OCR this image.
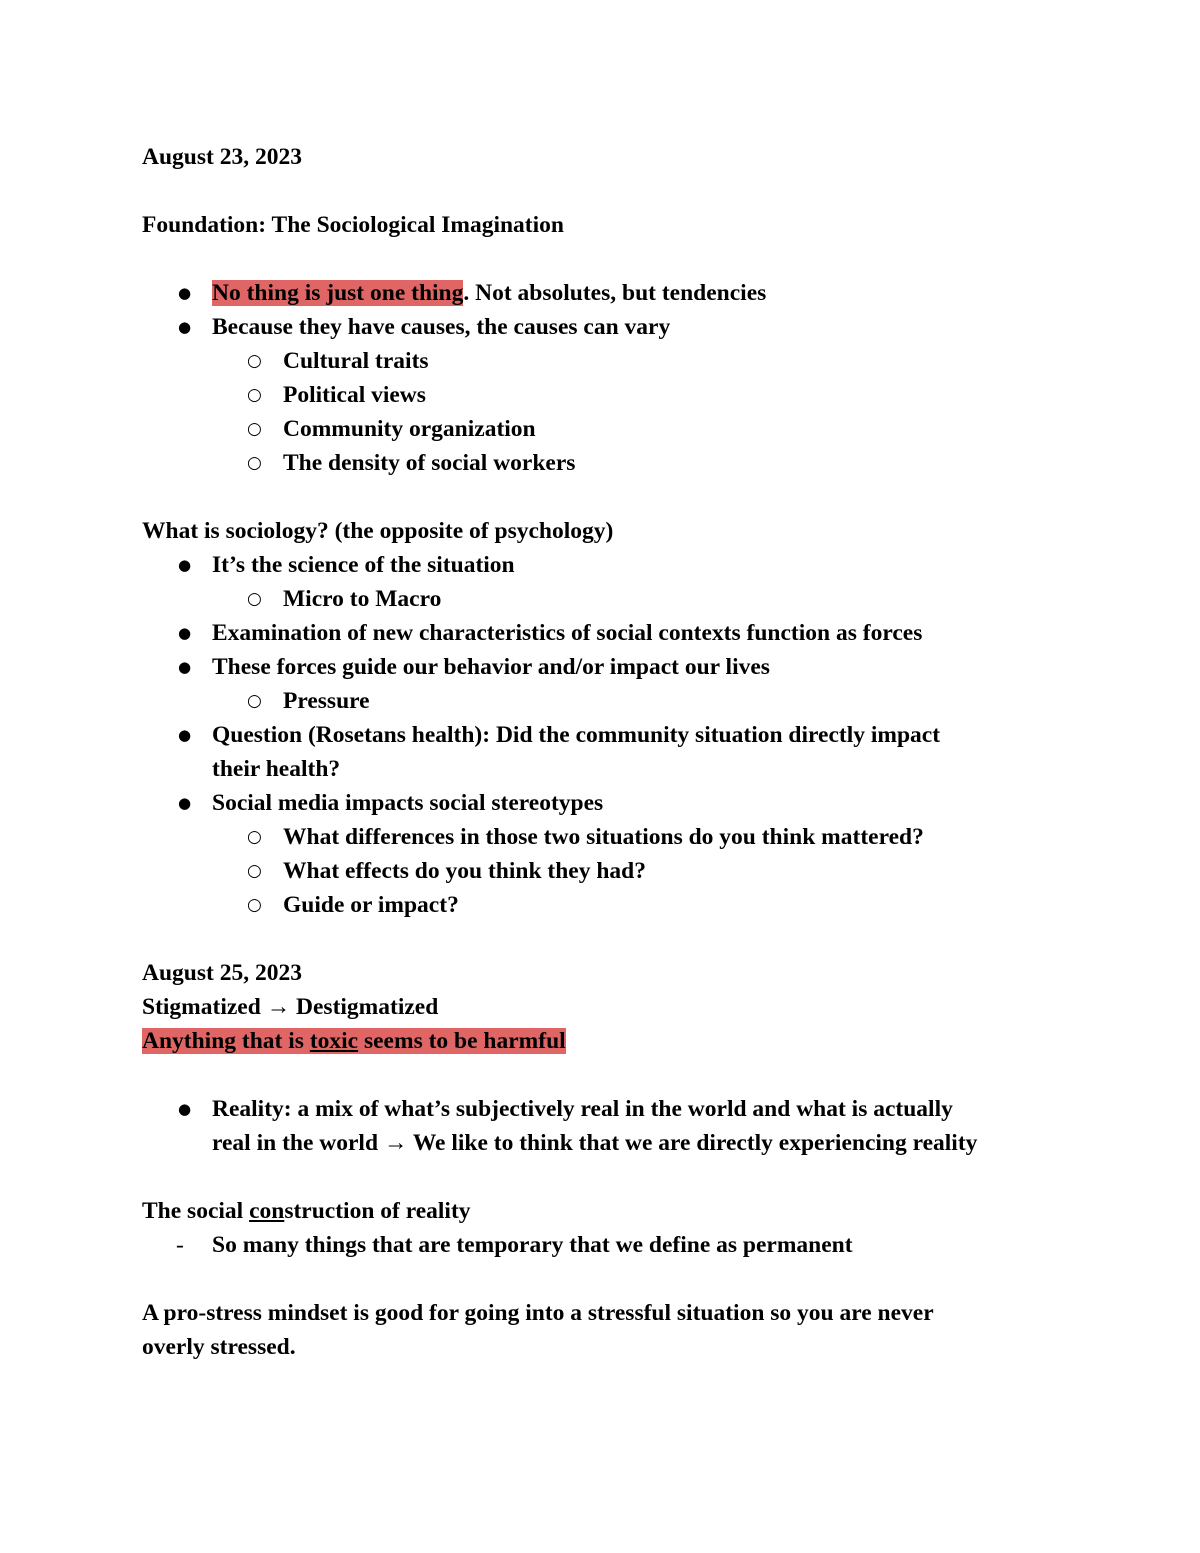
August 23, 2023
Foundation: The Sociological Imagination
● No thing is just one thing. Not absolutes, but tendencies
● Because they have causes, the causes can vary
○ Cultural traits
○ Political views
○ Community organization
○ The density of social workers
What is sociology? (the opposite of psychology)
● It’s the science of the situation
○ Micro to Macro
● Examination of new characteristics of social contexts function as forces
● These forces guide our behavior and/or impact our lives
○ Pressure
● Question (Rosetans health): Did the community situation directly impact
their health?
● Social media impacts social stereotypes
○ What differences in those two situations do you think mattered?
○ What effects do you think they had?
○ Guide or impact?
August 25, 2023
Stigmatized → Destigmatized
Anything that is toxic seems to be harmful
● Reality: a mix of what’s subjectively real in the world and what is actually
real in the world → We like to think that we are directly experiencing reality
The social construction of reality
- So many things that are temporary that we define as permanent
A pro-stress mindset is good for going into a stressful situation so you are never
overly stressed.
